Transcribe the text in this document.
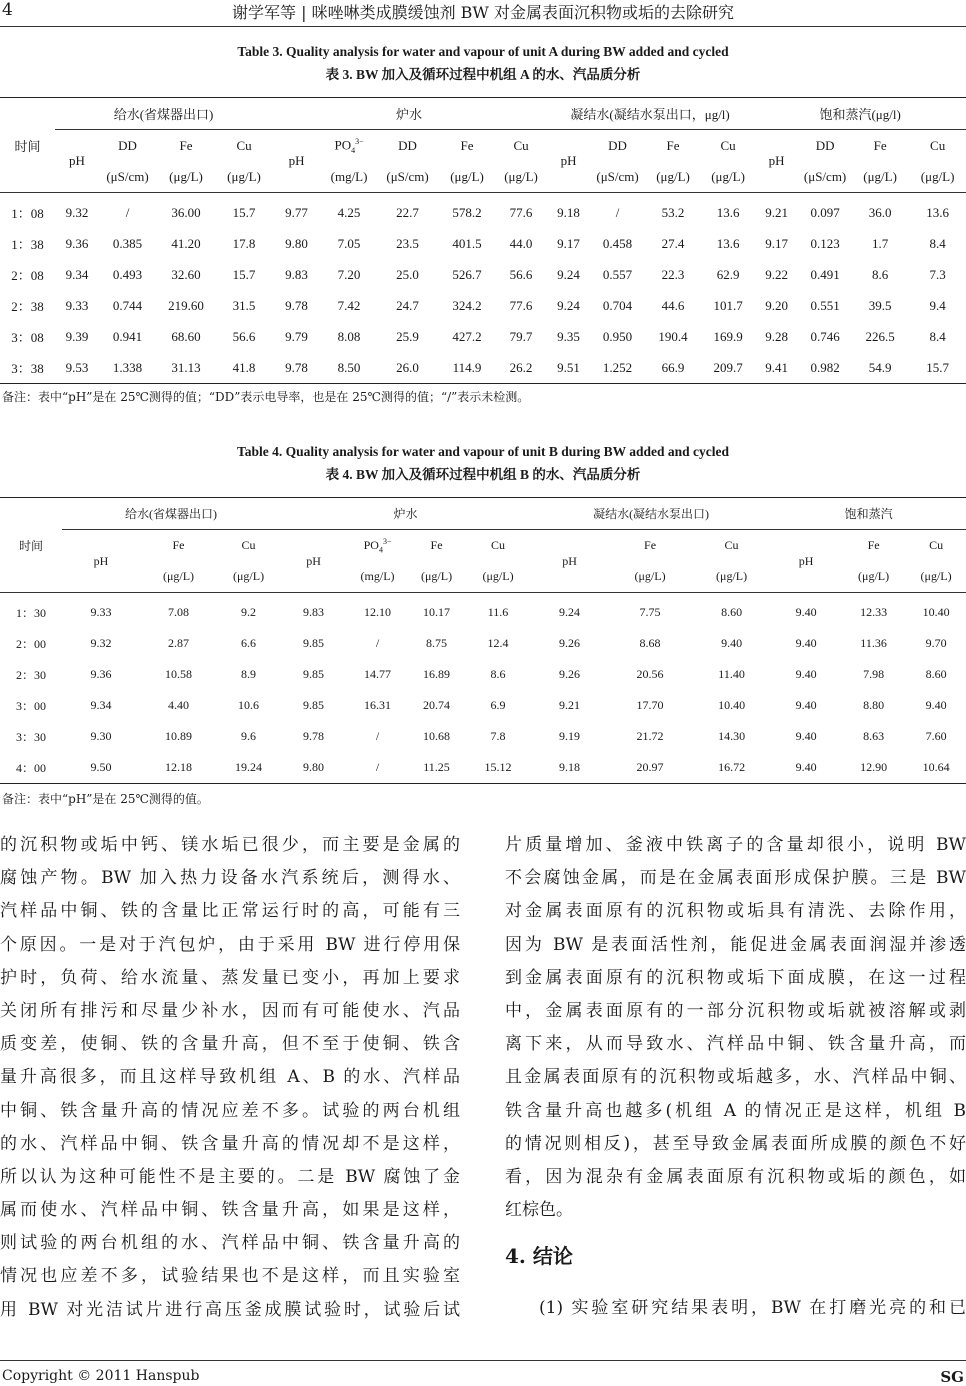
4	谢学军等 | 咪唑啉类成膜缓蚀剂 BW 对金属表面沉积物或垢的去除研究
Table 3. Quality analysis for water and vapour of unit A during BW added and cycled
表 3. BW 加入及循环过程中机组 A 的水、汽品质分析
时间	给水(省煤器出口)				炉水					凝结水(凝结水泵出口，μg/l)				饱和蒸汽(μg/l)			
	pH	DD	Fe	Cu	pH	$PO_4^{3-}$	DD	Fe	Cu	pH	DD	Fe	Cu	pH	DD	Fe	Cu
		(μS/cm)	(μg/L)	(μg/L)		(mg/L)	(μS/cm)	(μg/L)	(μg/L)		(μS/cm)	(μg/L)	(μg/L)		(μS/cm)	(μg/L)	(μg/L)
1：08	9.32	/	36.00	15.7	9.77	4.25	22.7	578.2	77.6	9.18	/	53.2	13.6	9.21	0.097	36.0	13.6
1：38	9.36	0.385	41.20	17.8	9.80	7.05	23.5	401.5	44.0	9.17	0.458	27.4	13.6	9.17	0.123	1.7	8.4
2：08	9.34	0.493	32.60	15.7	9.83	7.20	25.0	526.7	56.6	9.24	0.557	22.3	62.9	9.22	0.491	8.6	7.3
2：38	9.33	0.744	219.60	31.5	9.78	7.42	24.7	324.2	77.6	9.24	0.704	44.6	101.7	9.20	0.551	39.5	9.4
3：08	9.39	0.941	68.60	56.6	9.79	8.08	25.9	427.2	79.7	9.35	0.950	190.4	169.9	9.28	0.746	226.5	8.4
3：38	9.53	1.338	31.13	41.8	9.78	8.50	26.0	114.9	26.2	9.51	1.252	66.9	209.7	9.41	0.982	54.9	15.7
备注：表中“pH”是在 25℃测得的值；“DD”表示电导率，也是在 25℃测得的值；“/”表示未检测。
Table 4. Quality analysis for water and vapour of unit B during BW added and cycled
表 4. BW 加入及循环过程中机组 B 的水、汽品质分析
时间	给水(省煤器出口)			炉水				凝结水(凝结水泵出口)			饱和蒸汽		
	pH	Fe	Cu	pH	$PO_4^{3-}$	Fe	Cu	pH	Fe	Cu	pH	Fe	Cu
		(μg/L)	(μg/L)		(mg/L)	(μg/L)	(μg/L)		(μg/L)	(μg/L)		(μg/L)	(μg/L)
1：30	9.33	7.08	9.2	9.83	12.10	10.17	11.6	9.24	7.75	8.60	9.40	12.33	10.40
2：00	9.32	2.87	6.6	9.85	/	8.75	12.4	9.26	8.68	9.40	9.40	11.36	9.70
2：30	9.36	10.58	8.9	9.85	14.77	16.89	8.6	9.26	20.56	11.40	9.40	7.98	8.60
3：00	9.34	4.40	10.6	9.85	16.31	20.74	6.9	9.21	17.70	10.40	9.40	8.80	9.40
3：30	9.30	10.89	9.6	9.78	/	10.68	7.8	9.19	21.72	14.30	9.40	8.63	7.60
4：00	9.50	12.18	19.24	9.80	/	11.25	15.12	9.18	20.97	16.72	9.40	12.90	10.64
备注：表中“pH”是在 25℃测得的值。
的沉积物或垢中钙、镁水垢已很少，而主要是金属的
腐蚀产物。BW 加入热力设备水汽系统后，测得水、
汽样品中铜、铁的含量比正常运行时的高，可能有三
个原因。一是对于汽包炉，由于采用 BW 进行停用保
护时，负荷、给水流量、蒸发量已变小，再加上要求
关闭所有排污和尽量少补水，因而有可能使水、汽品
质变差，使铜、铁的含量升高，但不至于使铜、铁含
量升高很多，而且这样导致机组 A、B 的水、汽样品
中铜、铁含量升高的情况应差不多。试验的两台机组
的水、汽样品中铜、铁含量升高的情况却不是这样，
所以认为这种可能性不是主要的。二是 BW 腐蚀了金
属而使水、汽样品中铜、铁含量升高，如果是这样，
则试验的两台机组的水、汽样品中铜、铁含量升高的
情况也应差不多，试验结果也不是这样，而且实验室
用 BW 对光洁试片进行高压釜成膜试验时，试验后试
片质量增加、釜液中铁离子的含量却很小，说明 BW
不会腐蚀金属，而是在金属表面形成保护膜。三是 BW
对金属表面原有的沉积物或垢具有清洗、去除作用，
因为 BW 是表面活性剂，能促进金属表面润湿并渗透
到金属表面原有的沉积物或垢下面成膜，在这一过程
中，金属表面原有的一部分沉积物或垢就被溶解或剥
离下来，从而导致水、汽样品中铜、铁含量升高，而
且金属表面原有的沉积物或垢越多，水、汽样品中铜、
铁含量升高也越多(机组 A 的情况正是这样，机组 B
的情况则相反)，甚至导致金属表面所成膜的颜色不好
看，因为混杂有金属表面原有沉积物或垢的颜色，如
红棕色。
4. 结论
(1) 实验室研究结果表明，BW 在打磨光亮的和已
Copyright © 2011 Hanspub	SG
